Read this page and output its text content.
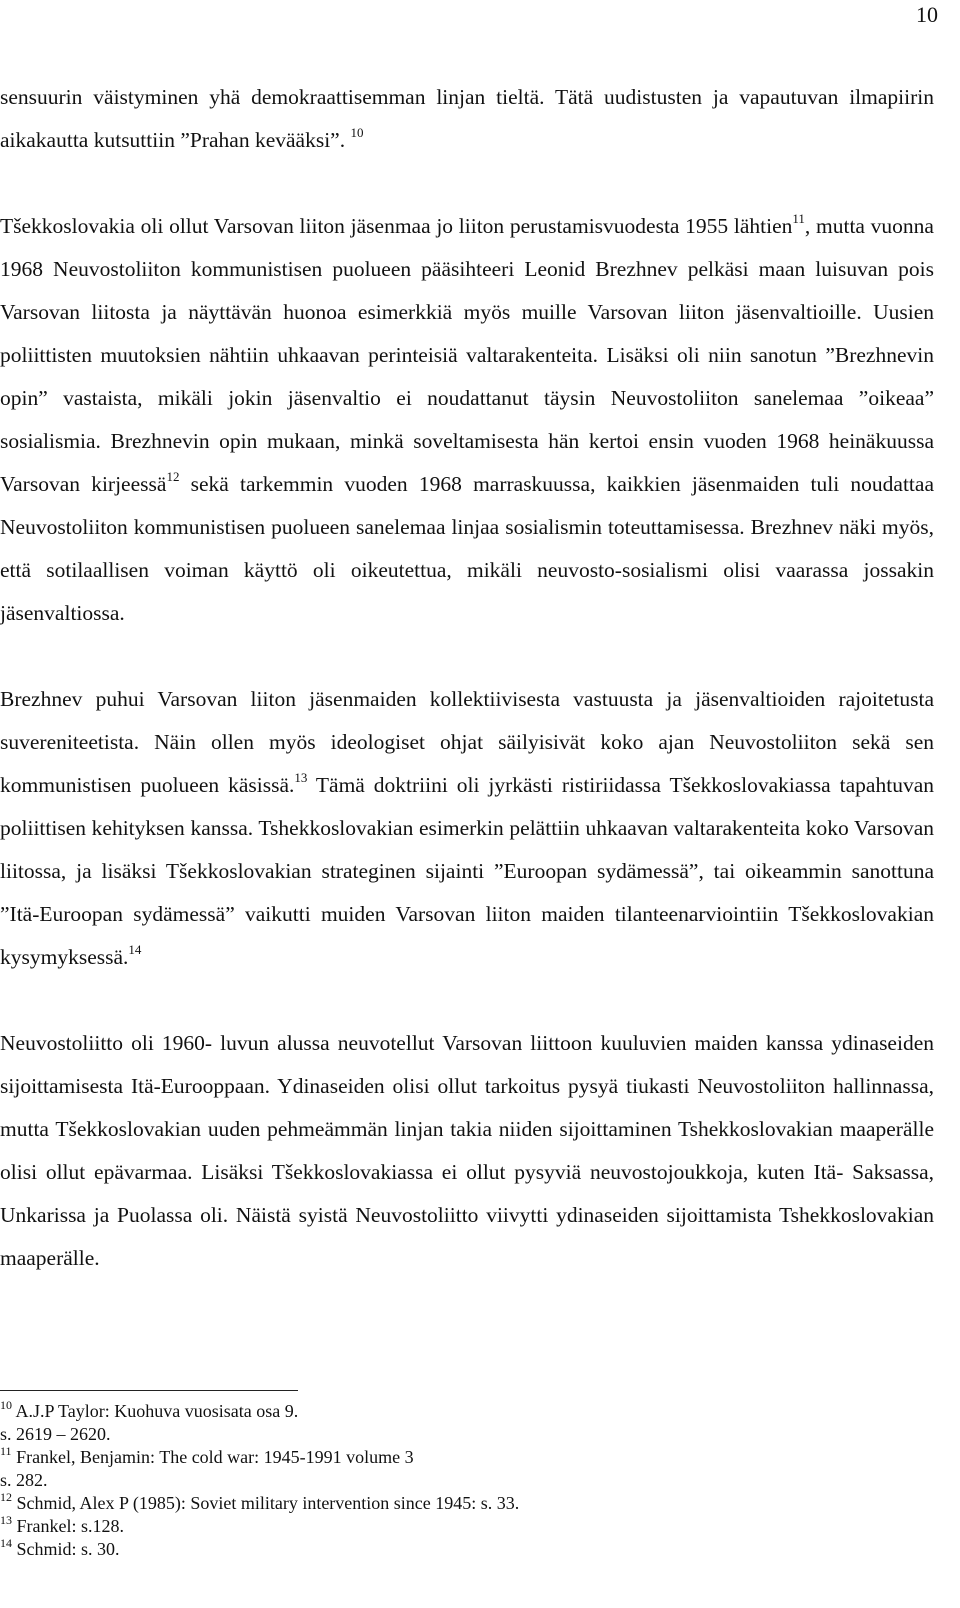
10

sensuurin väistyminen yhä demokraattisemman linjan tieltä. Tätä uudistusten ja vapautuvan ilmapiirin aikakautta kutsuttiin ”Prahan kevääksi”. $^{10}$

Tšekkoslovakia oli ollut Varsovan liiton jäsenmaa jo liiton perustamisvuodesta 1955 lähtien$^{11}$, mutta vuonna 1968 Neuvostoliiton kommunistisen puolueen pääsihteeri Leonid Brezhnev pelkäsi maan luisuvan pois Varsovan liitosta ja näyttävän huonoa esimerkkiä myös muille Varsovan liiton jäsenvaltioille. Uusien poliittisten muutoksien nähtiin uhkaavan perinteisiä valtarakenteita. Lisäksi oli niin sanotun ”Brezhnevin opin” vastaista, mikäli jokin jäsenvaltio ei noudattanut täysin Neuvostoliiton sanelemaa ”oikeaa” sosialismia. Brezhnevin opin mukaan, minkä soveltamisesta hän kertoi ensin vuoden 1968 heinäkuussa Varsovan kirjeessä$^{12}$ sekä tarkemmin vuoden 1968 marraskuussa, kaikkien jäsenmaiden tuli noudattaa Neuvostoliiton kommunistisen puolueen sanelemaa linjaa sosialismin toteuttamisessa. Brezhnev näki myös, että sotilaallisen voiman käyttö oli oikeutettua, mikäli neuvosto-sosialismi olisi vaarassa jossakin jäsenvaltiossa.

Brezhnev puhui Varsovan liiton jäsenmaiden kollektiivisesta vastuusta ja jäsenvaltioiden rajoitetusta suvereniteetista. Näin ollen myös ideologiset ohjat säilyisivät koko ajan Neuvostoliiton sekä sen kommunistisen puolueen käsissä.$^{13}$ Tämä doktriini oli jyrkästi ristiriidassa Tšekkoslovakiassa tapahtuvan poliittisen kehityksen kanssa. Tshekkoslovakian esimerkin pelättiin uhkaavan valtarakenteita koko Varsovan liitossa, ja lisäksi Tšekkoslovakian strateginen sijainti ”Euroopan sydämessä”, tai oikeammin sanottuna ”Itä-Euroopan sydämessä” vaikutti muiden Varsovan liiton maiden tilanteenarviointiin Tšekkoslovakian kysymyksessä.$^{14}$

Neuvostoliitto oli 1960- luvun alussa neuvotellut Varsovan liittoon kuuluvien maiden kanssa ydinaseiden sijoittamisesta Itä-Eurooppaan. Ydinaseiden olisi ollut tarkoitus pysyä tiukasti Neuvostoliiton hallinnassa, mutta Tšekkoslovakian uuden pehmeämmän linjan takia niiden sijoittaminen Tshekkoslovakian maaperälle olisi ollut epävarmaa. Lisäksi Tšekkoslovakiassa ei ollut pysyviä neuvostojoukkoja, kuten Itä- Saksassa, Unkarissa ja Puolassa oli. Näistä syistä Neuvostoliitto viivytti ydinaseiden sijoittamista Tshekkoslovakian maaperälle.

$^{10}$ A.J.P Taylor: Kuohuva vuosisata osa 9.

s. 2619 – 2620.

$^{11}$ Frankel, Benjamin: The cold war: 1945-1991 volume 3

s. 282.

$^{12}$ Schmid, Alex P (1985): Soviet military intervention since 1945: s. 33.

$^{13}$ Frankel: s.128.

$^{14}$ Schmid: s. 30.
